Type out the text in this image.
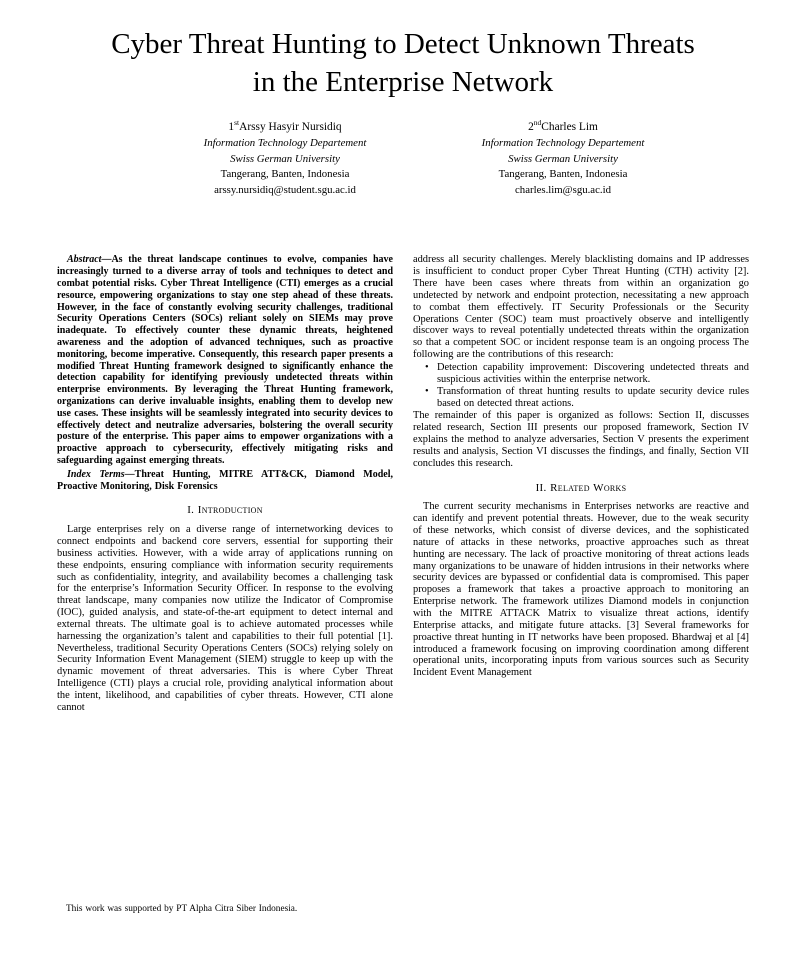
Cyber Threat Hunting to Detect Unknown Threats
in the Enterprise Network
1stArssy Hasyir Nursidiq
Information Technology Departement
Swiss German University
Tangerang, Banten, Indonesia
arssy.nursidiq@student.sgu.ac.id
2ndCharles Lim
Information Technology Departement
Swiss German University
Tangerang, Banten, Indonesia
charles.lim@sgu.ac.id

Abstract—As the threat landscape continues to evolve, companies have increasingly turned to a diverse array of tools and techniques to detect and combat potential risks. Cyber Threat Intelligence (CTI) emerges as a crucial resource, empowering organizations to stay one step ahead of these threats. However, in the face of constantly evolving security challenges, traditional Security Operations Centers (SOCs) reliant solely on SIEMs may prove inadequate. To effectively counter these dynamic threats, heightened awareness and the adoption of advanced techniques, such as proactive monitoring, become imperative. Consequently, this research paper presents a modified Threat Hunting framework designed to significantly enhance the detection capability for identifying previously undetected threats within enterprise environments. By leveraging the Threat Hunting framework, organizations can derive invaluable insights, enabling them to develop new use cases. These insights will be seamlessly integrated into security devices to effectively detect and neutralize adversaries, bolstering the overall security posture of the enterprise. This paper aims to empower organizations with a proactive approach to cybersecurity, effectively mitigating risks and safeguarding against emerging threats.

Index Terms—Threat Hunting, MITRE ATT&CK, Diamond Model, Proactive Monitoring, Disk Forensics

I. Introduction

Large enterprises rely on a diverse range of internetworking devices to connect endpoints and backend core servers, essential for supporting their business activities. However, with a wide array of applications running on these endpoints, ensuring compliance with information security requirements such as confidentiality, integrity, and availability becomes a challenging task for the enterprise’s Information Security Officer. In response to the evolving threat landscape, many companies now utilize the Indicator of Compromise (IOC), guided analysis, and state-of-the-art equipment to detect internal and external threats. The ultimate goal is to achieve automated processes while harnessing the organization’s talent and capabilities to their full potential [1]. Nevertheless, traditional Security Operations Centers (SOCs) relying solely on Security Information Event Management (SIEM) struggle to keep up with the dynamic movement of threat adversaries. This is where Cyber Threat Intelligence (CTI) plays a crucial role, providing analytical information about the intent, likelihood, and capabilities of cyber threats. However, CTI alone cannot

This work was supported by PT Alpha Citra Siber Indonesia.

address all security challenges. Merely blacklisting domains and IP addresses is insufficient to conduct proper Cyber Threat Hunting (CTH) activity [2]. There have been cases where threats from within an organization go undetected by network and endpoint protection, necessitating a new approach to combat them effectively. IT Security Professionals or the Security Operations Center (SOC) team must proactively observe and intelligently discover ways to reveal potentially undetected threats within the organization so that a competent SOC or incident response team is an ongoing process The following are the contributions of this research:

• Detection capability improvement: Discovering undetected threats and suspicious activities within the enterprise network.
• Transformation of threat hunting results to update security device rules based on detected threat actions.

The remainder of this paper is organized as follows: Section II, discusses related research, Section III presents our proposed framework, Section IV explains the method to analyze adversaries, Section V presents the experiment results and analysis, Section VI discusses the findings, and finally, Section VII concludes this research.

II. Related Works

The current security mechanisms in Enterprises networks are reactive and can identify and prevent potential threats. However, due to the weak security of these networks, which consist of diverse devices, and the sophisticated nature of attacks in these networks, proactive approaches such as threat hunting are necessary. The lack of proactive monitoring of threat actions leads many organizations to be unaware of hidden intrusions in their networks where security devices are bypassed or confidential data is compromised. This paper proposes a framework that takes a proactive approach to monitoring an Enterprise network. The framework utilizes Diamond models in conjunction with the MITRE ATTACK Matrix to visualize threat actions, identify Enterprise attacks, and mitigate future attacks. [3] Several frameworks for proactive threat hunting in IT networks have been proposed. Bhardwaj et al [4] introduced a framework focusing on improving coordination among different operational units, incorporating inputs from various sources such as Security Incident Event Management
